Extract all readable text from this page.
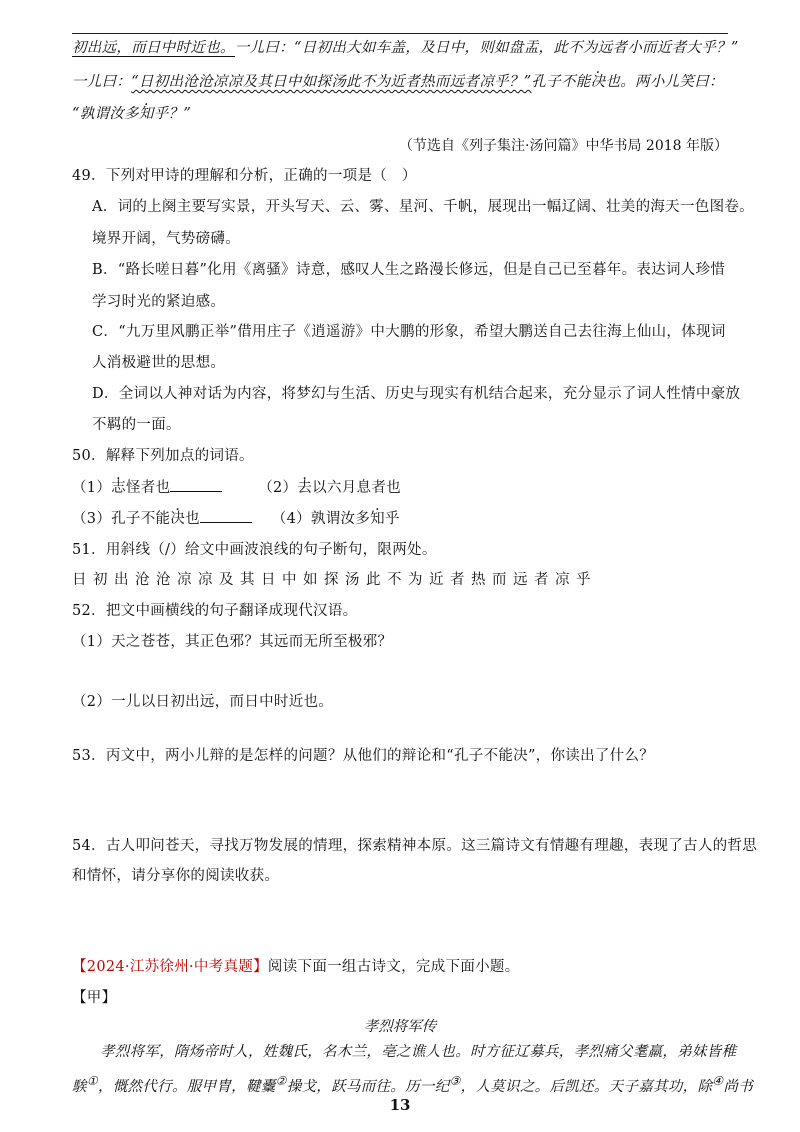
初出远，而日中时近也。一儿曰：“日初出大如车盖，及日中，则如盘盂，此不为远者小而近者大乎？”
一儿曰：“日初出沧沧凉凉及其日中如探汤此不为近者热而远者凉乎？”孔子不能决也。两小儿笑曰：
“孰谓汝多知乎？”
（节选自《列子集注·汤问篇》中华书局 2018 年版）
49．下列对甲诗的理解和分析，正确的一项是（　）
A．词的上阕主要写实景，开头写天、云、雾、星河、千帆，展现出一幅辽阔、壮美的海天一色图卷。
境界开阔，气势磅礴。
B．“路长嗟日暮”化用《离骚》诗意，感叹人生之路漫长修远，但是自己已至暮年。表达词人珍惜
学习时光的紧迫感。
C．“九万里风鹏正举”借用庄子《逍遥游》中大鹏的形象，希望大鹏送自己去往海上仙山，体现词
人消极避世的思想。
D．全词以人神对话为内容，将梦幻与生活、历史与现实有机结合起来，充分显示了词人性情中豪放
不羁的一面。
50．解释下列加点的词语。
（1）志怪者也	（2）去以六月息者也
（3）孔子不能决也	（4）孰谓汝多知乎
51．用斜线（/）给文中画波浪线的句子断句，限两处。
日初出沧沧凉凉及其日中如探汤此不为近者热而远者凉乎
52．把文中画横线的句子翻译成现代汉语。
（1）天之苍苍，其正色邪？其远而无所至极邪？
（2）一儿以日初出远，而日中时近也。
53．丙文中，两小儿辩的是怎样的问题？从他们的辩论和“孔子不能决”，你读出了什么？
54．古人叩问苍天，寻找万物发展的情理，探索精神本原。这三篇诗文有情趣有理趣，表现了古人的哲思
和情怀，请分享你的阅读收获。
【2024·江苏徐州·中考真题】阅读下面一组古诗文，完成下面小题。
【甲】
孝烈将军传
孝烈将军，隋炀帝时人，姓魏氏，名木兰，亳之谯人也。时方征辽募兵，孝烈痛父耄羸，弟妹皆稚
騃①，慨然代行。服甲胄，鞬櫜②操戈，跃马而往。历一纪③，人莫识之。后凯还。天子嘉其功，除④尚书
13
